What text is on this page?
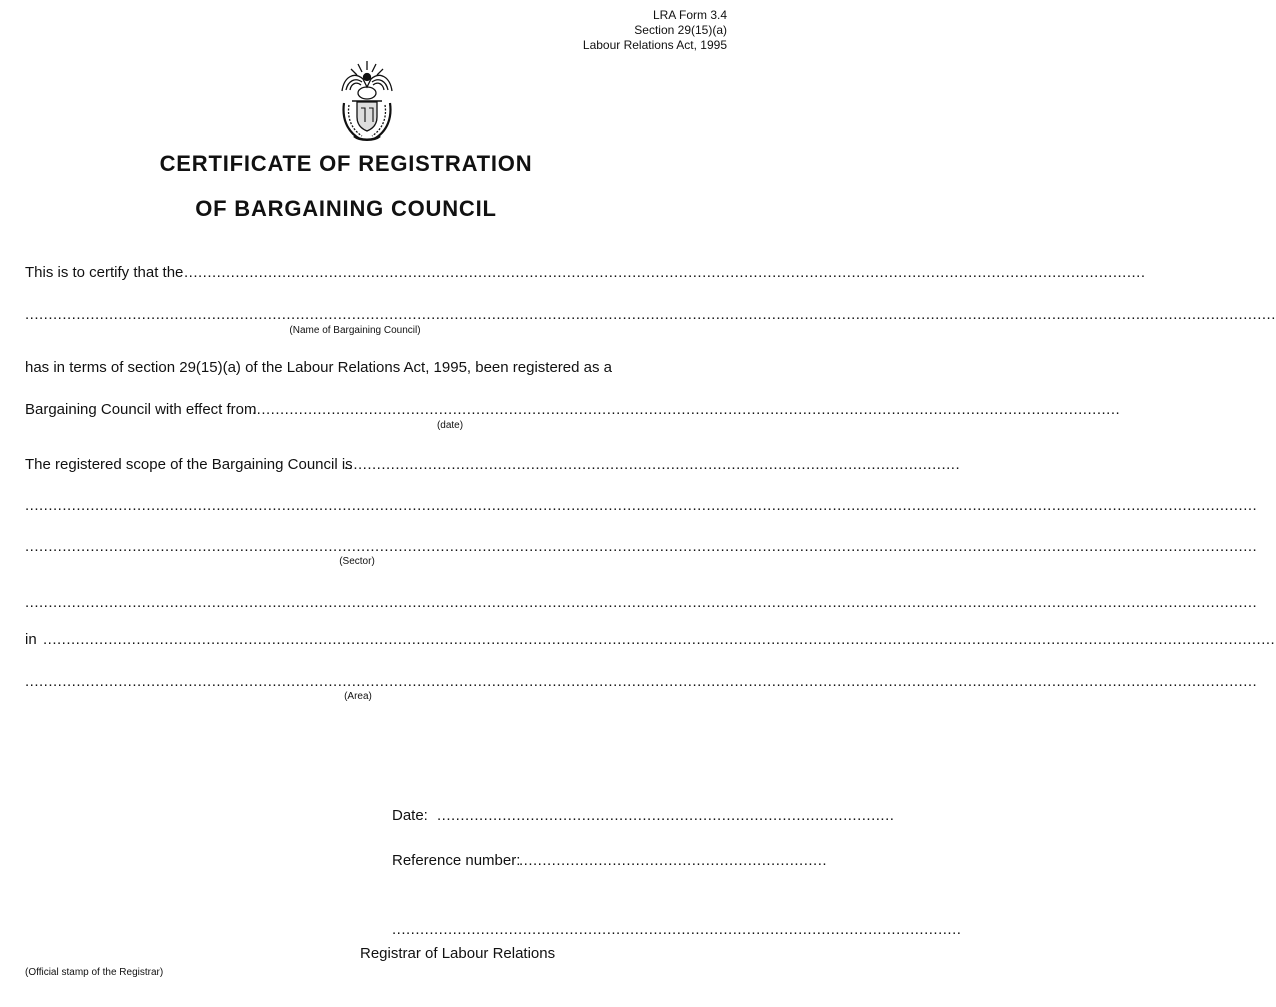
LRA Form 3.4
Section 29(15)(a)
Labour Relations Act, 1995
CERTIFICATE OF REGISTRATION
OF BARGAINING COUNCIL
This is to certify that the ..............................................................................................................................................................................................................
............................................................................................................................................................................................................................................................................
(Name of Bargaining Council)
has in terms of section 29(15)(a) of the Labour Relations Act, 1995, been registered as a
Bargaining Council with effect from
..........................................................................................................................................................................................
(date)
The registered scope of the Bargaining Council is
....................................................................................................................................
........................................................................................................................................................................................................................................................................
........................................................................................................................................................................................................................................................................
(Sector)
........................................................................................................................................................................................................................................................................
in ........................................................................................................................................................................................................................................................................
........................................................................................................................................................................................................................................................................
(Area)
Date: ..................................................................................................
Reference number:
..................................................................
..........................................................................................................................
Registrar of Labour Relations
(Official stamp of the Registrar)
